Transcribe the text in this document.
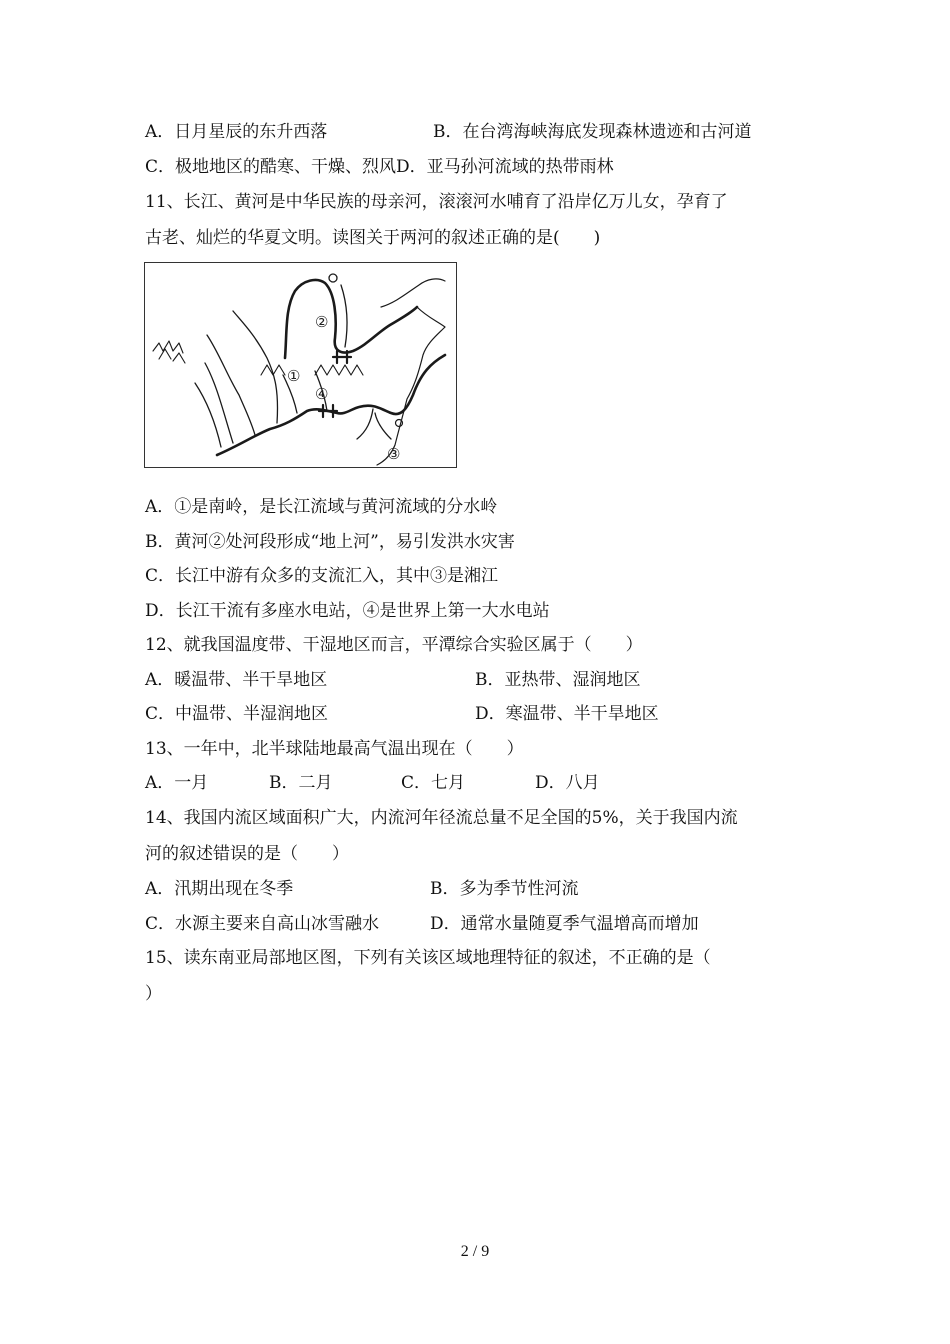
A．日月星辰的东升西落	B．在台湾海峡海底发现森林遗迹和古河道
C．极地地区的酷寒、干燥、烈风D．亚马孙河流域的热带雨林
11、长江、黄河是中华民族的母亲河，滚滚河水哺育了沿岸亿万儿女，孕育了
古老、灿烂的华夏文明。读图关于两河的叙述正确的是(　　)
②
①
④
③
A．①是南岭，是长江流域与黄河流域的分水岭
B．黄河②处河段形成“地上河”，易引发洪水灾害
C．长江中游有众多的支流汇入，其中③是湘江
D．长江干流有多座水电站，④是世界上第一大水电站
12、就我国温度带、干湿地区而言，平潭综合实验区属于（　　）
A．暖温带、半干旱地区	B．亚热带、湿润地区
C．中温带、半湿润地区	D．寒温带、半干旱地区
13、一年中，北半球陆地最高气温出现在（　　）
A．一月	B．二月	C．七月	D．八月
14、我国内流区域面积广大，内流河年径流总量不足全国的5%，关于我国内流
河的叙述错误的是（　　）
A．汛期出现在冬季	B．多为季节性河流
C．水源主要来自高山冰雪融水	D．通常水量随夏季气温增高而增加
15、读东南亚局部地区图，下列有关该区域地理特征的叙述，不正确的是（
）
2 / 9
